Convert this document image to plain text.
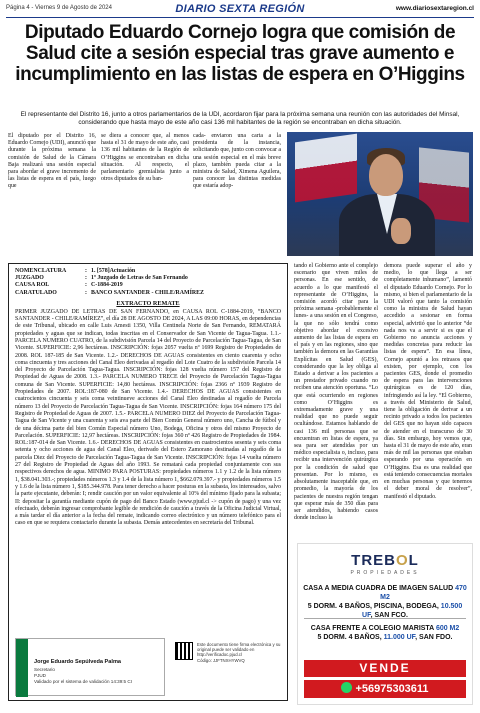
Página 4 - Viernes 9 de Agosto de 2024	DIARIO SEXTA REGIÓN	www.diariosextaregion.cl
Diputado Eduardo Cornejo logra que comisión de Salud cite a sesión especial tras grave aumento e incumplimiento en las listas de espera en O’Higgins

El representante del Distrito 16, junto a otros parlamentarios de la UDI, acordaron fijar para la próxima semana una reunión con las autoridades del Minsal, considerando que hasta mayo de este año casi 136 mil habitantes de la región se encontraban en dicha situación.

El diputado por el Distrito 16, Eduardo Cornejo (UDI), anunció que durante la próxima semana la comisión de Salud de la Cámara Baja realizará una sesión especial para abordar el grave incremento de las listas de espera en el país, luego que
se diera a conocer que, al menos hasta el 31 de mayo de este año, casi 136 mil habitantes de la Región de O’Higgins se encontraban en dicha situación. Al respecto, el parlamentario gremialista junto a otros diputados de su ban-
cada- enviaron una carta a la presidenta de la instancia, solicitando que, junto con convocar a una sesión especial en el más breve plazo, también pueda citar a la ministra de Salud, Ximena Aguilera, para conocer las distintas medidas que estaría adop-
NOMENCLATURA	: 1. [578]Actuación
JUZGADO	: 1º Juzgado de Letras de San Fernando
CAUSA ROL	: C-1884-2019
CARATULADO	: BANCO SANTANDER - CHILE/RAMÍREZ
EXTRACTO REMATE
PRIMER JUZGADO DE LETRAS DE SAN FERNANDO, en CAUSA ROL C-1884-2019, “BANCO SANTANDER - CHILE/RAMÍREZ”, el día 28 DE AGOSTO DE 2024, A LAS 09:00 HORAS, en dependencias de este Tribunal, ubicado en calle Luis Amesti 1350, Villa Centinela Norte de San Fernando, REMATARÁ propiedades y aguas que se indican, todas inscritas en el Conservador de San Vicente de Tagua-Tagua. 1.1.- PARCELA NUMERO CUATRO, de la subdivisión Parcela 14 del Proyecto de Parcelación Tagua-Tagua, de San Vicente. SUPERFICIE: 2,96 hectáreas. INSCRIPCIÓN: fojas 2057 vuelta nº 1699 Registro de Propiedades de 2008. ROL 187-185 de San Vicente. 1.2.- DERECHOS DE AGUAS consistentes en ciento cuarenta y ocho coma cincuenta y tres acciones del Canal Eleo derivadas al regadío del Lote Cuatro de la subdivisión Parcela 14 del Proyecto de Parcelación Tagua-Tagua. INSCRIPCIÓN: fojas 128 vuelta número 157 del Registro de Propiedad de Aguas de 2008. 1.3.- PARCELA NUMERO TRECE del Proyecto de Parcelación Tagua-Tagua comuna de San Vicente. SUPERFICIE: 14,80 hectáreas. INSCRIPCIÓN: fojas 2366 nº 1939 Registro de Propiedades de 2007. ROL:187-080 de San Vicente. 1.4.- DERECHOS DE AGUAS consistentes en cuatrocientos cincuenta y seis coma veintinueve acciones del Canal Eleo destinadas al regadío de Parcela número 13 del Proyecto de Parcelación Tagua-Tagua de San Vicente. INSCRIPCIÓN: fojas 164 número 175 del Registro de Propiedad de Aguas de 2007. 1.5.- PARCELA NUMERO DIEZ del Proyecto de Parcelación Tagua-Tagua de San Vicente y una cuarenta y seis ava parte del Bien Común General número uno, Cancha de fútbol y de una décima parte del bien Común Especial número Uno, Bodega, Oficina y otros del mismo Proyecto de Parcelación. SUPERFICIE: 12,97 hectáreas. INSCRIPCIÓN: fojas 360 nº 426 Registro de Propiedades de 1984. ROL:187-014 de San Vicente. 1.6.- DERECHOS DE AGUAS consistentes en cuatrocientos sesenta y seis coma setenta y ocho acciones de agua del Canal Eleo, derivado del Estero Zamorano destinadas al regadío de la parcela Diez del Proyecto de Parcelación Tagua-Tagua de San Vicente. INSCRIPCIÓN: fojas 14 vuelta número 27 del Registro de Propiedad de Aguas del año 1993. Se rematará cada propiedad conjuntamente con sus respectivos derechos de agua. MINIMO PARA POSTURAS: propiedades números 1.1 y 1.2 de la lista número 1, $38.041.303.-; propiedades números 1.3 y 1.4 de la lista número 1, $662.079.397.- y propiedades números 1.5 y 1.6 de la lista número 1, $185.344.978. Para tener derecho a hacer posturas en la subasta, los interesados, salvo la parte ejecutante, deberán: I; rendir caución por un valor equivalente al 10% del mínimo fijado para la subasta; II: depositar la garantía mediante cupón de pago del Banco Estado (www.pjud.cl -> cupón de pago) y una vez efectuado, deberán ingresar comprobante legible de rendición de caución a través de la Oficina Judicial Virtual, a más tardar el día anterior a la fecha del remate, indicando correo electrónico y un número telefónico para el caso en que se requiera contactarlo durante la subasta. Demás antecedentes en secretaría del Tribunal.
Jorge Eduardo Sepúlveda Palma
Secretario
PJUD
Validado por el sistema de validación 14:39:5 CI
Este documento tiene firma electrónica y su original puede ser validado en http://verificadoc.pjud.cl
Código: JJFTNXHYWVQ
tando el Gobierno ante el complejo escenario que viven miles de personas. En ese sentido, de acuerdo a lo que manifestó el representante de O’Higgins, la comisión acordó citar para la próxima semana -probablemente el lunes- a una sesión en el Congreso, la que no sólo tendrá como objetivo abordar el excesivo aumento de las listas de espera en el país y en las regiones, sino que también la demora en las Garantías Explícitas en Salud (GES), considerando que la ley obliga al Estado a derivar a los pacientes a un prestador privado cuando no reciben una atención oportuna. “Lo que está ocurriendo en regiones como O’Higgins es extremadamente grave y una realidad que no puede seguir ocultándose. Estamos hablando de casi 136 mil personas que se encuentran en listas de espera, ya sea para ser atendidas por un médico especialista o, incluso, para recibir una intervención quirúrgica por la condición de salud que presentan. Por lo mismo, es absolutamente inaceptable que, en promedio, la mayoría de los pacientes de nuestra región tengan que esperar más de 350 días para ser atendidos, habiendo casos donde incluso la
demora puede superar el año y medio, lo que llega a ser completamente inhumano”, lamentó el diputado Eduardo Cornejo. Por lo mismo, si bien el parlamentario de la UDI valoró que tanto la comisión como la ministra de Salud hayan accedido a sesionar en forma especial, advirtió que lo anterior “de nada nos va a servir si es que el Gobierno no anuncia acciones y medidas concretas para reducir las listas de espera”. En esa línea, Cornejo apuntó a los retrasos que existen, por ejemplo, con los pacientes GES, donde el promedio de espera para las intervenciones quirúrgicas es de 120 días, infringiendo así la ley. “El Gobierno, a través del Ministerio de Salud, tiene la obligación de derivar a un recinto privado a todos los pacientes del GES que no hayan sido capaces de atender en el transcurso de 30 días. Sin embargo, hoy vemos que, hasta el 31 de mayo de este año, eran más de mil las personas que estaban esperando por una operación en O’Higgins. Esa es una realidad que está teniendo consecuencias mortales en muchas personas y que tenemos el deber moral de resolver”, manifestó el diputado.
TREBOL
PROPIEDADES
CASA A MEDIA CUADRA DE IMAGEN SALUD 470 M2
5 DORM. 4 BAÑOS, PISCINA, BODEGA, 10.500 UF, SAN FCO.
CASA FRENTE A COLEGIO MARISTA 600 M2
5 DORM. 4 BAÑOS, 11.000 UF, SAN FDO.
VENDE
+56975303611
